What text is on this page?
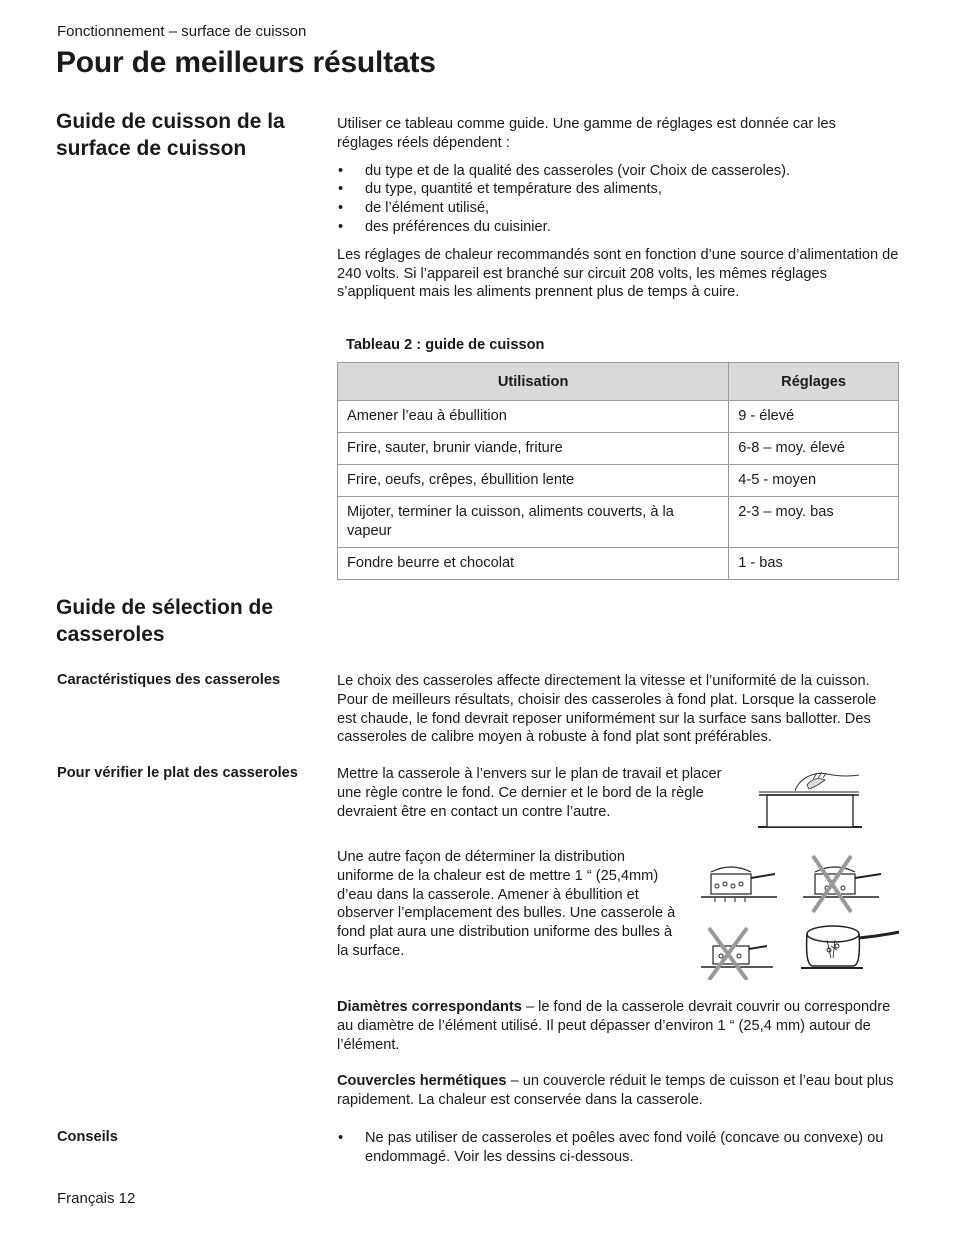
Fonctionnement – surface de cuisson
Pour de meilleurs résultats
Guide de cuisson de la surface de cuisson
Utiliser ce tableau comme guide. Une gamme de réglages est donnée car les réglages réels dépendent :
• du type et de la qualité des casseroles (voir Choix de casseroles).
• du type, quantité et température des aliments,
• de l’élément utilisé,
• des préférences du cuisinier.
Les réglages de chaleur recommandés sont en fonction d’une source d’alimentation de 240 volts. Si l’appareil est branché sur circuit 208 volts, les mêmes réglages s’appliquent mais les aliments prennent plus de temps à cuire.
Tableau 2 : guide de cuisson
Utilisation	Réglages
Amener l’eau à ébullition	9 - élevé
Frire, sauter, brunir viande, friture	6-8 – moy. élevé
Frire, oeufs, crêpes, ébullition lente	4-5 - moyen
Mijoter, terminer la cuisson, aliments couverts, à la vapeur	2-3 – moy. bas
Fondre beurre et chocolat	1 - bas
Guide de sélection de casseroles
Caractéristiques des casseroles	Le choix des casseroles affecte directement la vitesse et l’uniformité de la cuisson. Pour de meilleurs résultats, choisir des casseroles à fond plat. Lorsque la casserole est chaude, le fond devrait reposer uniformément sur la surface sans ballotter. Des casseroles de calibre moyen à robuste à fond plat sont préférables.
Pour vérifier le plat des casseroles	Mettre la casserole à l’envers sur le plan de travail et placer une règle contre le fond. Ce dernier et le bord de la règle devraient être en contact un contre l’autre.
Une autre façon de déterminer la distribution uniforme de la chaleur est de mettre 1 “ (25,4mm) d’eau dans la casserole. Amener à ébullition et observer l’emplacement des bulles. Une casserole à fond plat aura une distribution uniforme des bulles à la surface.
Diamètres correspondants – le fond de la casserole devrait couvrir ou correspondre au diamètre de l’élément utilisé. Il peut dépasser d’environ 1 “ (25,4 mm) autour de l’élément.
Couvercles hermétiques – un couvercle réduit le temps de cuisson et l’eau bout plus rapidement. La chaleur est conservée dans la casserole.
Conseils	• Ne pas utiliser de casseroles et poêles avec fond voilé (concave ou convexe) ou endommagé. Voir les dessins ci-dessous.
Français 12
